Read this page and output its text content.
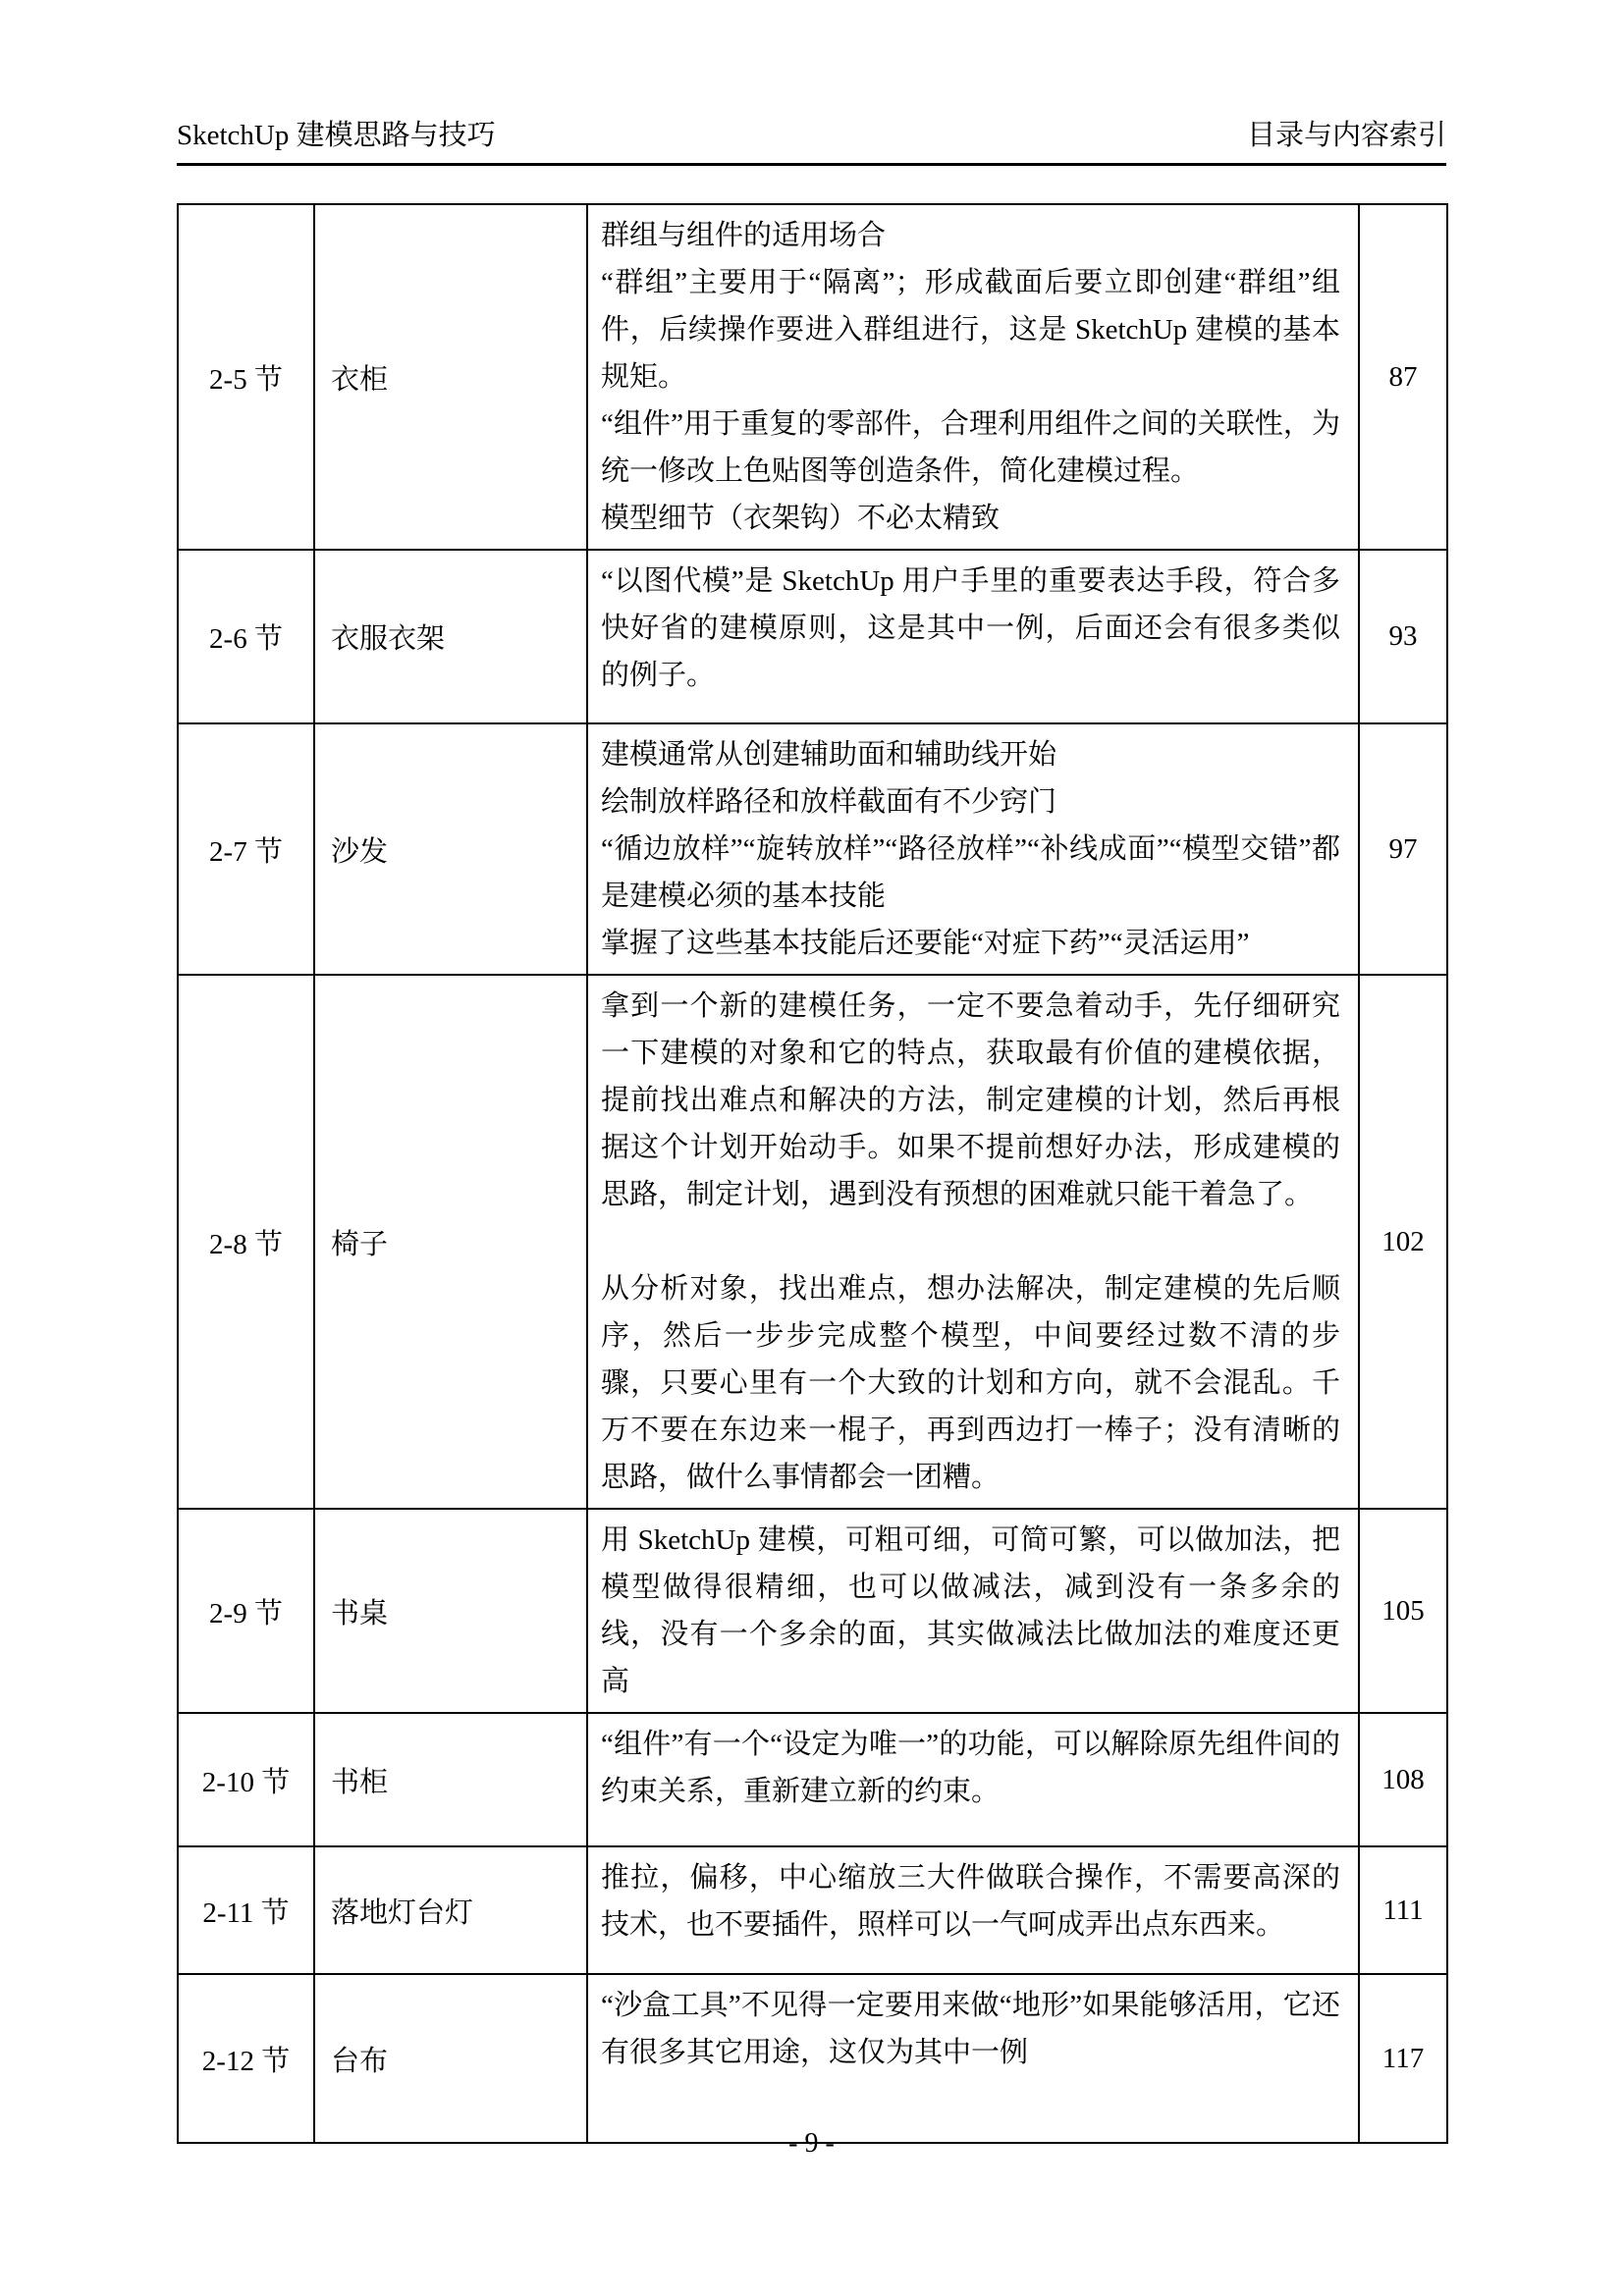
SketchUp 建模思路与技巧	目录与内容索引
2-5 节	衣柜	群组与组件的适用场合

“群组”主要用于“隔离”；形成截面后要立即创建“群组”组件，后续操作要进入群组进行，这是 SketchUp 建模的基本规矩。

“组件”用于重复的零部件，合理利用组件之间的关联性，为统一修改上色贴图等创造条件，简化建模过程。

模型细节（衣架钩）不必太精致	87
2-6 节	衣服衣架	“以图代模”是 SketchUp 用户手里的重要表达手段，符合多快好省的建模原则，这是其中一例，后面还会有很多类似的例子。	93
2-7 节	沙发	建模通常从创建辅助面和辅助线开始

绘制放样路径和放样截面有不少窍门

“循边放样”“旋转放样”“路径放样”“补线成面”“模型交错”都是建模必须的基本技能

掌握了这些基本技能后还要能“对症下药”“灵活运用”	97
2-8 节	椅子	拿到一个新的建模任务，一定不要急着动手，先仔细研究一下建模的对象和它的特点，获取最有价值的建模依据，提前找出难点和解决的方法，制定建模的计划，然后再根据这个计划开始动手。如果不提前想好办法，形成建模的思路，制定计划，遇到没有预想的困难就只能干着急了。

从分析对象，找出难点，想办法解决，制定建模的先后顺序，然后一步步完成整个模型，中间要经过数不清的步骤，只要心里有一个大致的计划和方向，就不会混乱。千万不要在东边来一棍子，再到西边打一棒子；没有清晰的思路，做什么事情都会一团糟。	102
2-9 节	书桌	用 SketchUp 建模，可粗可细，可简可繁，可以做加法，把模型做得很精细，也可以做减法，减到没有一条多余的线，没有一个多余的面，其实做减法比做加法的难度还更高	105
2-10 节	书柜	“组件”有一个“设定为唯一”的功能，可以解除原先组件间的约束关系，重新建立新的约束。	108
2-11 节	落地灯台灯	推拉，偏移，中心缩放三大件做联合操作，不需要高深的技术，也不要插件，照样可以一气呵成弄出点东西来。	111
2-12 节	台布	“沙盒工具”不见得一定要用来做“地形”如果能够活用，它还有很多其它用途，这仅为其中一例	117
- 9 -
